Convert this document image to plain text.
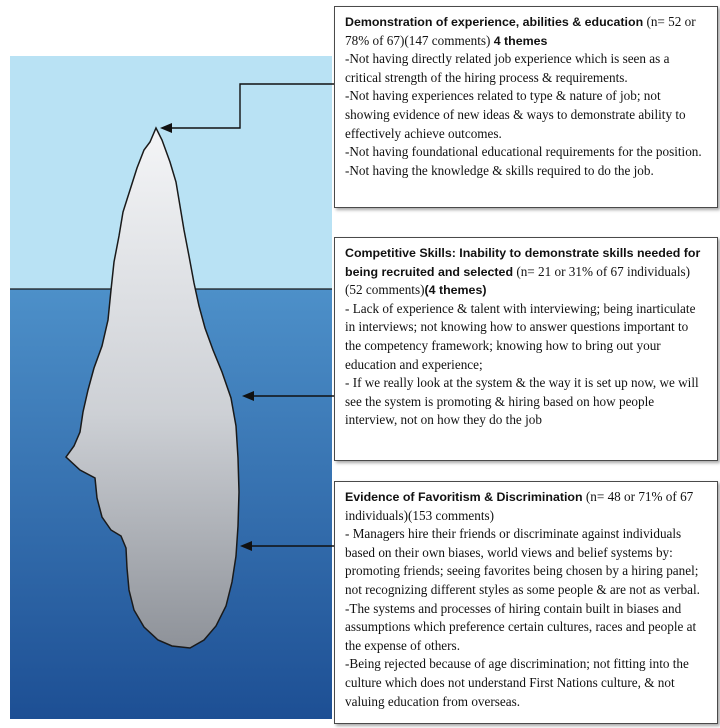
Demonstration of experience, abilities & education (n= 52 or 78% of 67)(147 comments) 4 themes

-Not having directly related job experience which is seen as a critical strength of the hiring process & requirements.

-Not having experiences related to type & nature of job; not showing evidence of new ideas & ways to demonstrate ability to effectively achieve outcomes.

-Not having foundational educational requirements for the position.

-Not having the knowledge & skills required to do the job.

Competitive Skills: Inability to demonstrate skills needed for being recruited and selected (n= 21 or 31% of 67 individuals)(52 comments)(4 themes)

- Lack of experience & talent with interviewing; being inarticulate in interviews; not knowing how to answer questions important to the competency framework; knowing how to bring out your education and experience;

- If we really look at the system & the way it is set up now, we will see the system is promoting & hiring based on how people interview, not on how they do the job

Evidence of Favoritism & Discrimination (n= 48 or 71% of 67 individuals)(153 comments)

- Managers hire their friends or discriminate against individuals based on their own biases, world views and belief systems by: promoting friends; seeing favorites being chosen by a hiring panel; not recognizing different styles as some people & are not as verbal.

-The systems and processes of hiring contain built in biases and assumptions which preference certain cultures, races and people at the expense of others.

-Being rejected because of age discrimination; not fitting into the culture which does not understand First Nations culture, & not valuing education from overseas.
